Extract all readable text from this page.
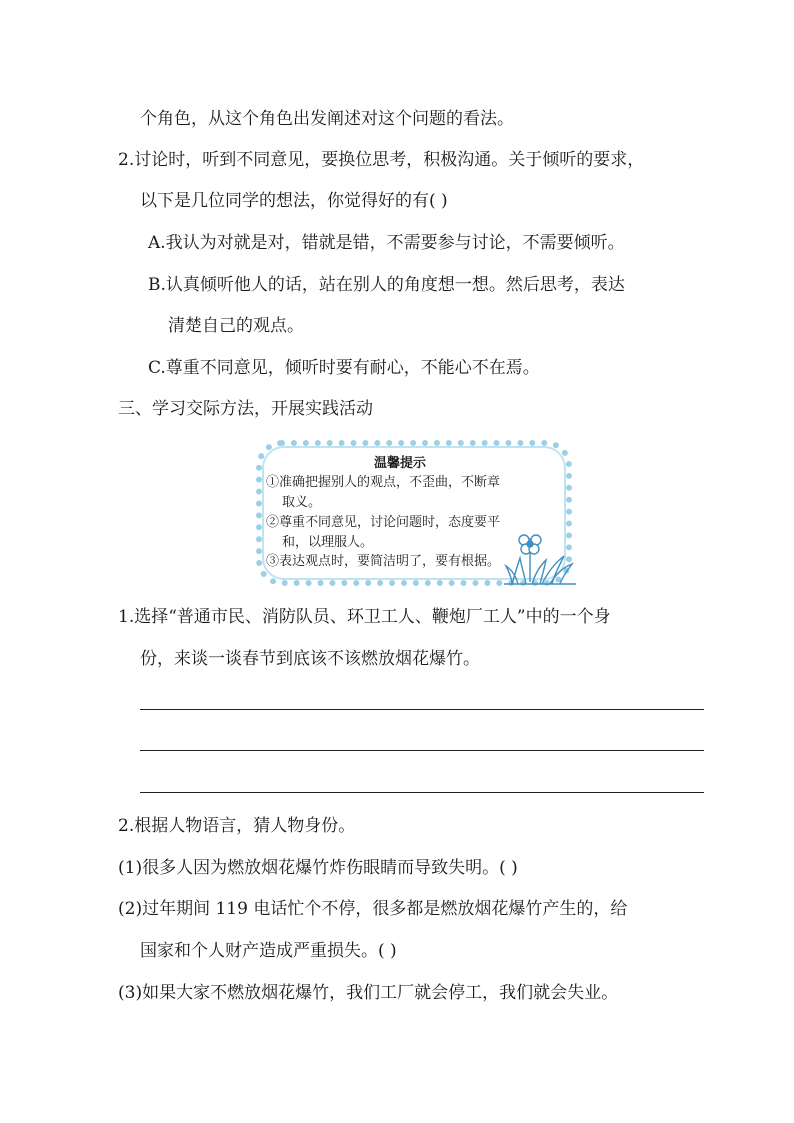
个角色，从这个角色出发阐述对这个问题的看法。
2.讨论时，听到不同意见，要换位思考，积极沟通。关于倾听的要求，
以下是几位同学的想法，你觉得好的有( )
A.我认为对就是对，错就是错，不需要参与讨论，不需要倾听。
B.认真倾听他人的话，站在别人的角度想一想。然后思考，表达
清楚自己的观点。
C.尊重不同意见，倾听时要有耐心，不能心不在焉。
三、学习交际方法，开展实践活动
温馨提示
①准确把握别人的观点，不歪曲，不断章
取义。
②尊重不同意见，讨论问题时，态度要平
和，以理服人。
③表达观点时，要简洁明了，要有根据。
1.选择“普通市民、消防队员、环卫工人、鞭炮厂工人”中的一个身
份，来谈一谈春节到底该不该燃放烟花爆竹。
2.根据人物语言，猜人物身份。
(1)很多人因为燃放烟花爆竹炸伤眼睛而导致失明。( )
(2)过年期间 119 电话忙个不停，很多都是燃放烟花爆竹产生的，给
国家和个人财产造成严重损失。( )
(3)如果大家不燃放烟花爆竹，我们工厂就会停工，我们就会失业。
